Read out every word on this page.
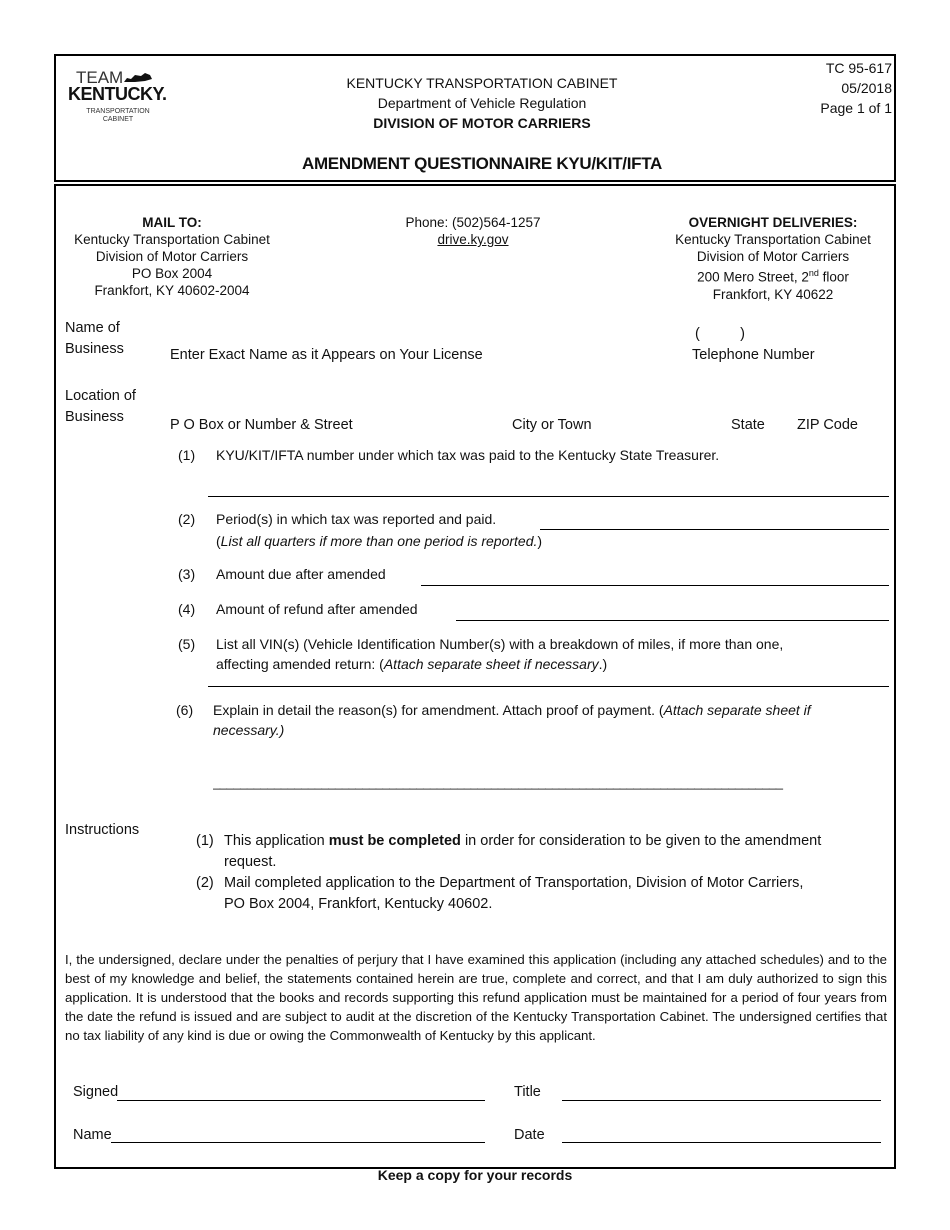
TEAM
KENTUCKY.
TRANSPORTATION
CABINET
KENTUCKY TRANSPORTATION CABINET
Department of Vehicle Regulation
DIVISION OF MOTOR CARRIERS
TC 95-617
05/2018
Page 1 of 1
AMENDMENT QUESTIONNAIRE KYU/KIT/IFTA
MAIL TO:
Kentucky Transportation Cabinet
Division of Motor Carriers
PO Box 2004
Frankfort, KY 40602-2004
Phone: (502)564-1257
drive.ky.gov
OVERNIGHT DELIVERIES:
Kentucky Transportation Cabinet
Division of Motor Carriers
200 Mero Street, 2nd floor
Frankfort, KY 40622
Name of
Business	Enter Exact Name as it Appears on Your License
(          )
Telephone Number
Location of
Business	P O Box or Number & Street	City or Town	State ZIP Code
(1) KYU/KIT/IFTA number under which tax was paid to the Kentucky State Treasurer.
(2) Period(s) in which tax was reported and paid.
(List all quarters if more than one period is reported.)
(3) Amount due after amended
(4) Amount of refund after amended
(5) List all VIN(s) (Vehicle Identification Number(s) with a breakdown of miles, if more than one,
affecting amended return: (Attach separate sheet if necessary.)
(6) Explain in detail the reason(s) for amendment. Attach proof of payment. (Attach separate sheet if
necessary.)
____________________________________________________________________________________
Instructions
(1) This application must be completed in order for consideration to be given to the amendment
request.
(2) Mail completed application to the Department of Transportation, Division of Motor Carriers,
PO Box 2004, Frankfort, Kentucky 40602.
I, the undersigned, declare under the penalties of perjury that I have examined this application (including any attached schedules) and to the best of my knowledge and belief, the statements contained herein are true, complete and correct, and that I am duly authorized to sign this application. It is understood that the books and records supporting this refund application must be maintained for a period of four years from the date the refund is issued and are subject to audit at the discretion of the Kentucky Transportation Cabinet. The undersigned certifies that no tax liability of any kind is due or owing the Commonwealth of Kentucky by this applicant.
Signed	Title
Name	Date
Keep a copy for your records
